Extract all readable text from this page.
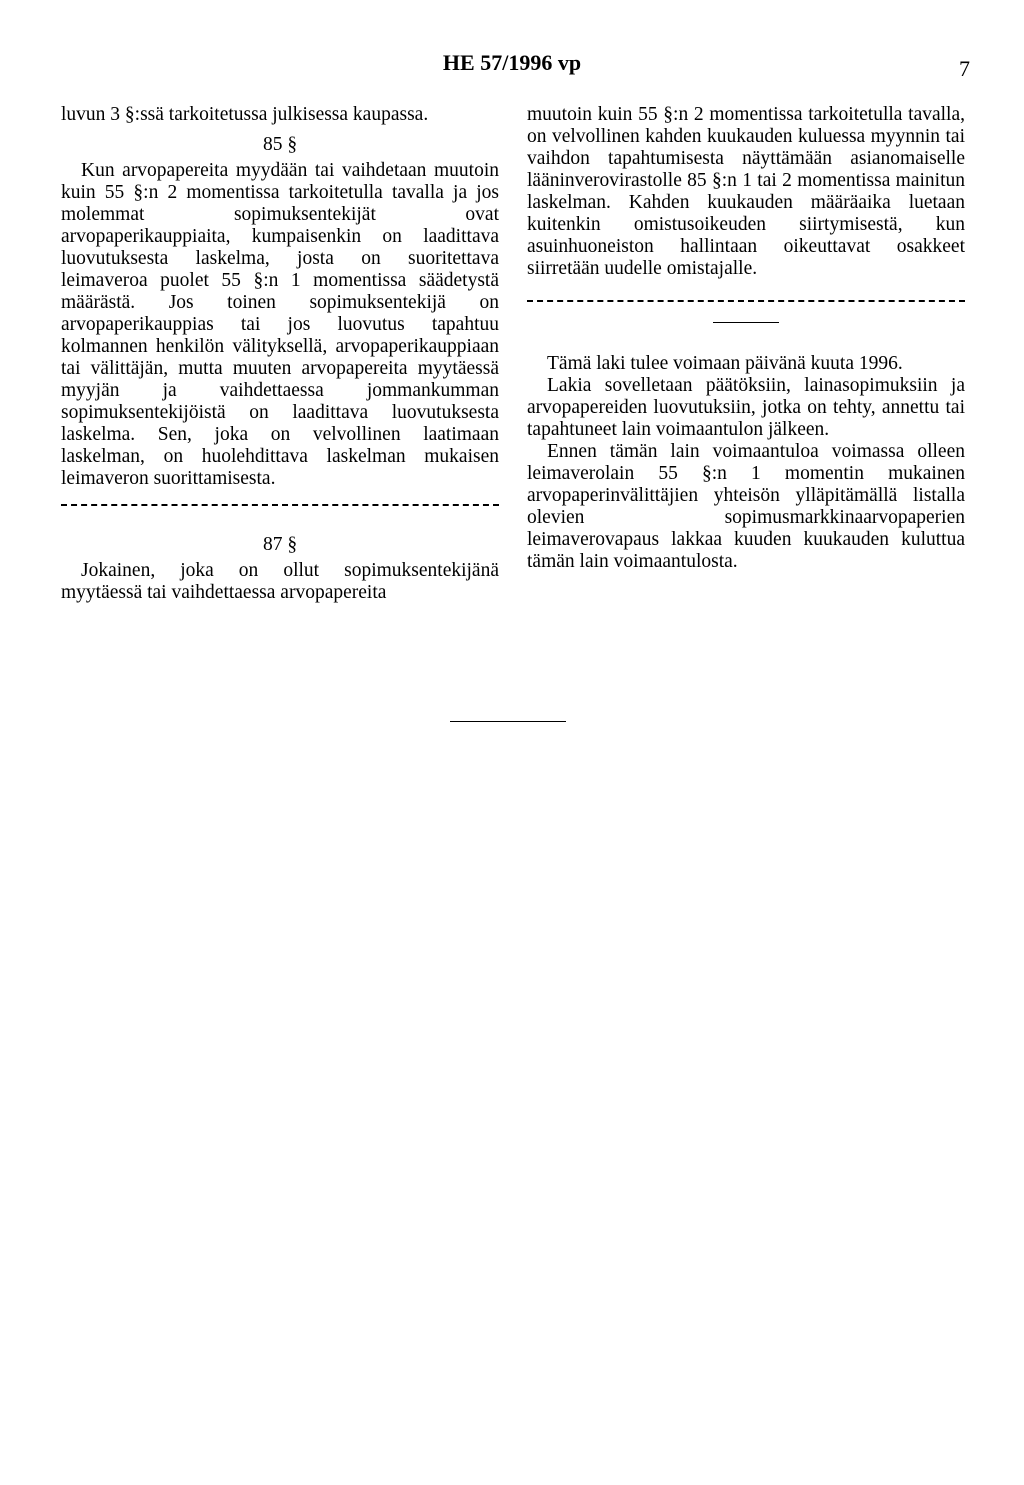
HE 57/1996 vp	7

luvun 3 §:ssä tarkoitetussa julkisessa kaupassa.

85 §

Kun arvopapereita myydään tai vaihdetaan muutoin kuin 55 §:n 2 momentissa tarkoitetulla tavalla ja jos molemmat sopimuksentekijät ovat arvopaperikauppiaita, kumpaisenkin on laadittava luovutuksesta laskelma, josta on suoritettava leimaveroa puolet 55 §:n 1 momentissa säädetystä määrästä. Jos toinen sopimuksentekijä on arvopaperikauppias tai jos luovutus tapahtuu kolmannen henkilön välityksellä, arvopaperikauppiaan tai välittäjän, mutta muuten arvopapereita myytäessä myyjän ja vaihdettaessa jommankumman sopimuksentekijöistä on laadittava luovutuksesta laskelma. Sen, joka on velvollinen laatimaan laskelman, on huolehdittava laskelman mukaisen leimaveron suorittamisesta.

87 §

Jokainen, joka on ollut sopimuksentekijänä myytäessä tai vaihdettaessa arvopapereita

muutoin kuin 55 §:n 2 momentissa tarkoitetulla tavalla, on velvollinen kahden kuukauden kuluessa myynnin tai vaihdon tapahtumisesta näyttämään asianomaiselle lääninverovirastolle 85 §:n 1 tai 2 momentissa mainitun laskelman. Kahden kuukauden määräaika luetaan kuitenkin omistusoikeuden siirtymisestä, kun asuinhuoneiston hallintaan oikeuttavat osakkeet siirretään uudelle omistajalle.

Tämä laki tulee voimaan päivänä kuuta 1996.

Lakia sovelletaan päätöksiin, lainasopimuksiin ja arvopapereiden luovutuksiin, jotka on tehty, annettu tai tapahtuneet lain voimaantulon jälkeen.

Ennen tämän lain voimaantuloa voimassa olleen leimaverolain 55 §:n 1 momentin mukainen arvopaperinvälittäjien yhteisön ylläpitämällä listalla olevien sopimusmarkkinaarvopaperien leimaverovapaus lakkaa kuuden kuukauden kuluttua tämän lain voimaantulosta.
